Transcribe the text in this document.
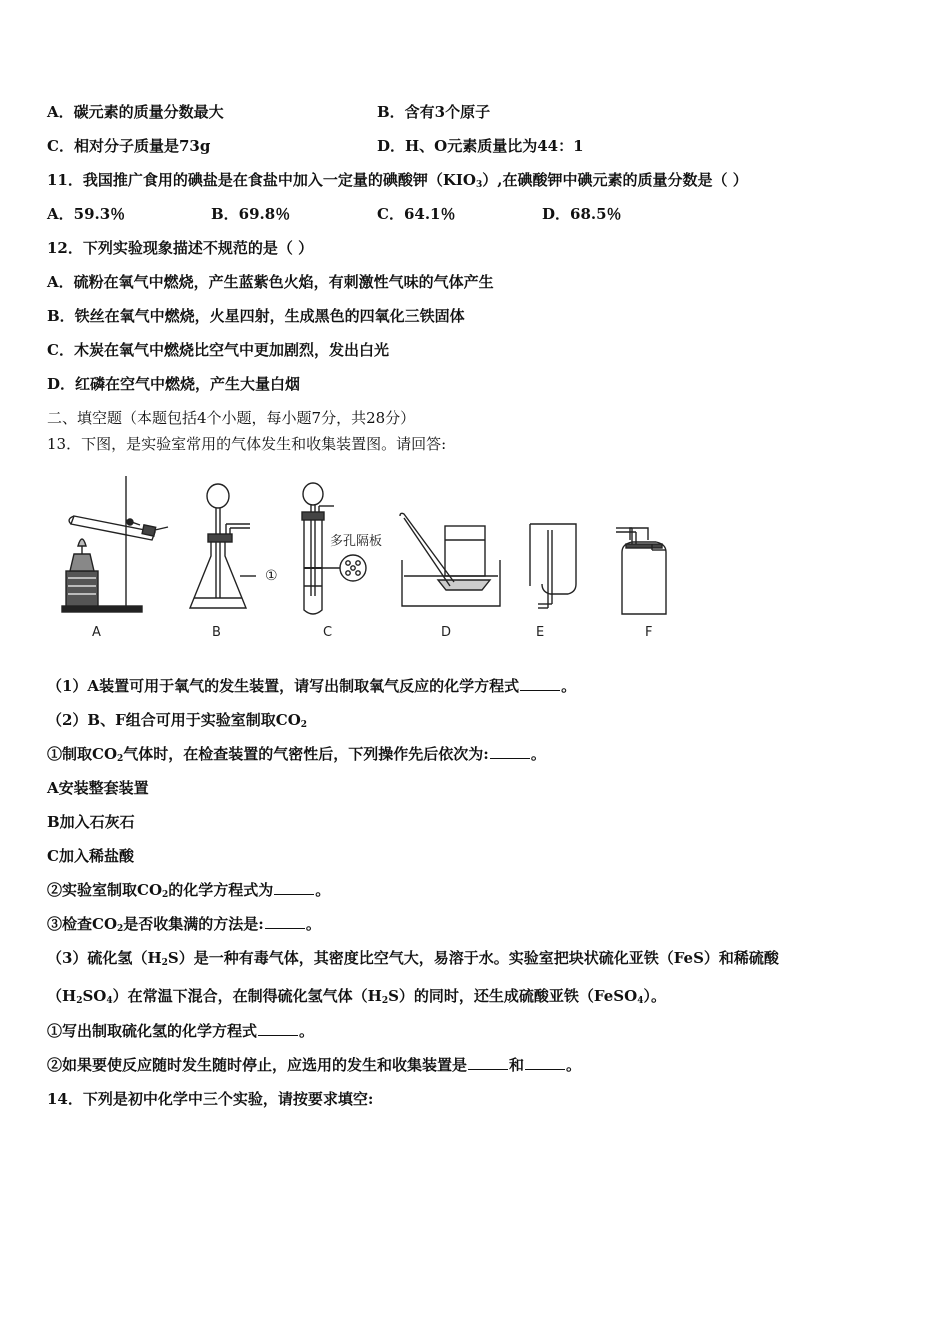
A．碳元素的质量分数最大	B．含有3个原子
C．相对分子质量是73g	D．H、O元素质量比为44：1
11．我国推广食用的碘盐是在食盐中加入一定量的碘酸钾$(KIO_3)$,在碘酸钾中碘元素的质量分数是（ ）
A．59.3％	B．69.8％	C．64.1％	D．68.5％
12．下列实验现象描述不规范的是（ ）
A．硫粉在氧气中燃烧，产生蓝紫色火焰，有刺激性气味的气体产生
B．铁丝在氧气中燃烧，火星四射，生成黑色的四氧化三铁固体
C．木炭在氧气中燃烧比空气中更加剧烈，发出白光
D．红磷在空气中燃烧，产生大量白烟
二、填空题（本题包括4个小题，每小题7分，共28分）
13．下图，是实验室常用的气体发生和收集装置图。请回答:
①
多孔隔板
A	B	C	D	E	F
（1）A装置可用于氧气的发生装置，请写出制取氧气反应的化学方程式	。
（2）B、F组合可用于实验室制取$CO_2$
①制取$CO_2$气体时，在检查装置的气密性后，下列操作先后依次为:	。
A安装整套装置
B加入石灰石
C加入稀盐酸
②实验室制取$CO_2$的化学方程式为	。
③检查$CO_2$是否收集满的方法是:	。
（3）硫化氢$(H_2S)$是一种有毒气体，其密度比空气大，易溶于水。实验室把块状硫化亚铁（FeS）和稀硫酸
$(H_2SO_4)$在常温下混合，在制得硫化氢气体$(H_2S)$的同时，还生成硫酸亚铁（FeSO$_4$）。
①写出制取硫化氢的化学方程式	。
②如果要使反应随时发生随时停止，应选用的发生和收集装置是	和	。
14．下列是初中化学中三个实验，请按要求填空:
